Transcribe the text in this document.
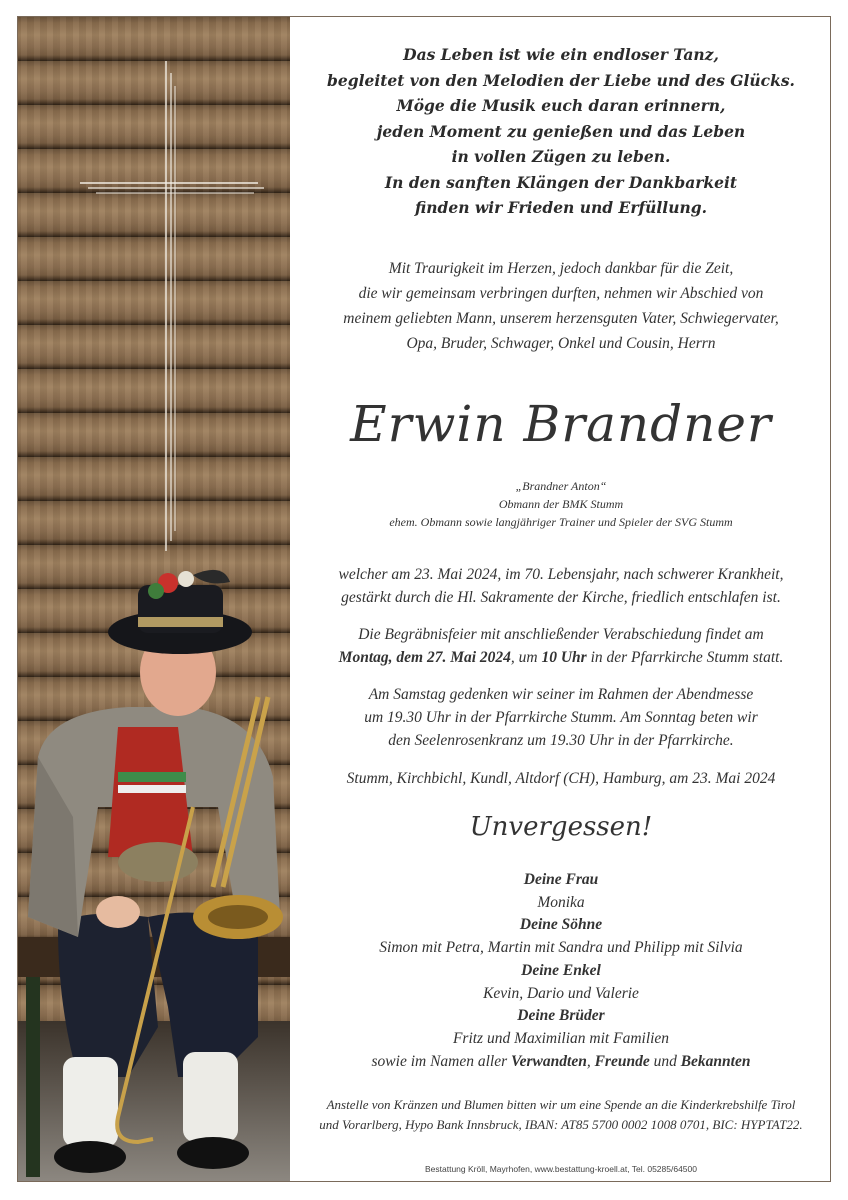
Das Leben ist wie ein endloser Tanz,
begleitet von den Melodien der Liebe und des Glücks.
Möge die Musik euch daran erinnern,
jeden Moment zu genießen und das Leben
in vollen Zügen zu leben.
In den sanften Klängen der Dankbarkeit
finden wir Frieden und Erfüllung.
Mit Traurigkeit im Herzen, jedoch dankbar für die Zeit,
die wir gemeinsam verbringen durften, nehmen wir Abschied von
meinem geliebten Mann, unserem herzensguten Vater, Schwiegervater,
Opa, Bruder, Schwager, Onkel und Cousin, Herrn
Erwin Brandner
„Brandner Anton“
Obmann der BMK Stumm
ehem. Obmann sowie langjähriger Trainer und Spieler der SVG Stumm
welcher am 23. Mai 2024, im 70. Lebensjahr, nach schwerer Krankheit,
gestärkt durch die Hl. Sakramente der Kirche, friedlich entschlafen ist.
Die Begräbnisfeier mit anschließender Verabschiedung findet am
Montag, dem 27. Mai 2024, um 10 Uhr in der Pfarrkirche Stumm statt.
Am Samstag gedenken wir seiner im Rahmen der Abendmesse
um 19.30 Uhr in der Pfarrkirche Stumm. Am Sonntag beten wir
den Seelenrosenkranz um 19.30 Uhr in der Pfarrkirche.
Stumm, Kirchbichl, Kundl, Altdorf (CH), Hamburg, am 23. Mai 2024
Unvergessen!
Deine Frau
Monika
Deine Söhne
Simon mit Petra, Martin mit Sandra und Philipp mit Silvia
Deine Enkel
Kevin, Dario und Valerie
Deine Brüder
Fritz und Maximilian mit Familien
sowie im Namen aller Verwandten, Freunde und Bekannten
Anstelle von Kränzen und Blumen bitten wir um eine Spende an die Kinderkrebshilfe Tirol
und Vorarlberg, Hypo Bank Innsbruck, IBAN: AT85 5700 0002 1008 0701, BIC: HYPTAT22.
Bestattung Kröll, Mayrhofen, www.bestattung-kroell.at, Tel. 05285/64500
